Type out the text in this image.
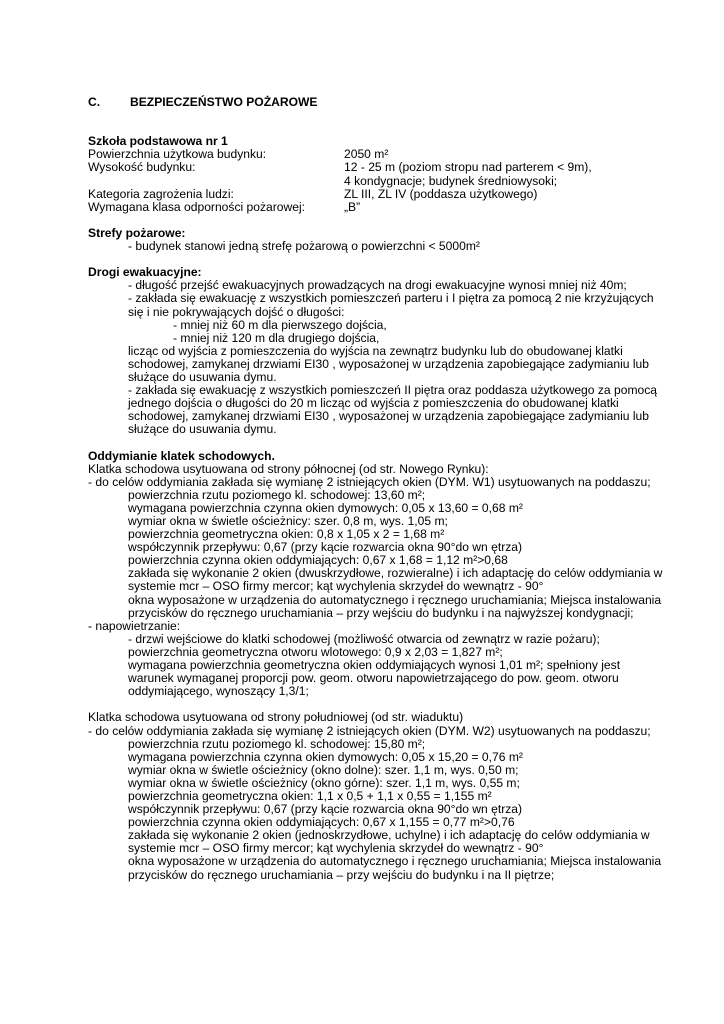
C.	BEZPIECZEŃSTWO POŻAROWE
Szkoła podstawowa nr 1
Powierzchnia użytkowa budynku:	2050 m²
Wysokość budynku:	12 - 25 m (poziom stropu nad parterem < 9m),
4 kondygnacje; budynek średniowysoki;
Kategoria zagrożenia ludzi:	ZL III, ZL IV (poddasza użytkowego)
Wymagana klasa odporności pożarowej:	„B”
Strefy pożarowe:
- budynek stanowi jedną strefę pożarową o powierzchni < 5000m²
Drogi ewakuacyjne:
- długość przejść ewakuacyjnych prowadzących na drogi ewakuacyjne wynosi mniej niż 40m;
- zakłada się ewakuację z wszystkich pomieszczeń parteru i I piętra za pomocą 2 nie krzyżujących
się i nie pokrywających dojść o długości:
- mniej niż 60 m dla pierwszego dojścia,
- mniej niż 120 m dla drugiego dojścia,
licząc od wyjścia z pomieszczenia do wyjścia na zewnątrz budynku lub do obudowanej klatki
schodowej, zamykanej drzwiami EI30 , wyposażonej w urządzenia zapobiegające zadymianiu lub
służące do usuwania dymu.
- zakłada się ewakuację z wszystkich pomieszczeń II piętra oraz poddasza użytkowego za pomocą
jednego dojścia o długości do 20 m licząc od wyjścia z pomieszczenia do obudowanej klatki
schodowej, zamykanej drzwiami EI30 , wyposażonej w urządzenia zapobiegające zadymianiu lub
służące do usuwania dymu.
Oddymianie klatek schodowych.
Klatka schodowa usytuowana od strony północnej (od str. Nowego Rynku):
- do celów oddymiania zakłada się wymianę 2 istniejących okien (DYM. W1) usytuowanych na poddaszu;
powierzchnia rzutu poziomego kl. schodowej: 13,60 m²;
wymagana powierzchnia czynna okien dymowych: 0,05 x 13,60 = 0,68 m²
wymiar okna w świetle ościeżnicy: szer. 0,8 m, wys. 1,05 m;
powierzchnia geometryczna okien: 0,8 x 1,05 x 2 = 1,68 m²
współczynnik przepływu: 0,67 (przy kącie rozwarcia okna 90°do wn ętrza)
powierzchnia czynna okien oddymiających: 0,67 x 1,68 = 1,12 m²>0,68
zakłada się wykonanie 2 okien (dwuskrzydłowe, rozwieralne) i ich adaptację do celów oddymiania w
systemie mcr – OSO firmy mercor; kąt wychylenia skrzydeł do wewnątrz - 90°
okna wyposażone w urządzenia do automatycznego i ręcznego uruchamiania; Miejsca instalowania
przycisków do ręcznego uruchamiania – przy wejściu do budynku i na najwyższej kondygnacji;
- napowietrzanie:
- drzwi wejściowe do klatki schodowej (możliwość otwarcia od zewnątrz w razie pożaru);
powierzchnia geometryczna otworu wlotowego: 0,9 x 2,03 = 1,827 m²;
wymagana powierzchnia geometryczna okien oddymiających wynosi 1,01 m²; spełniony jest
warunek wymaganej proporcji pow. geom. otworu napowietrzającego do pow. geom. otworu
oddymiającego, wynoszący 1,3/1;
Klatka schodowa usytuowana od strony południowej (od str. wiaduktu)
- do celów oddymiania zakłada się wymianę 2 istniejących okien (DYM. W2) usytuowanych na poddaszu;
powierzchnia rzutu poziomego kl. schodowej: 15,80 m²;
wymagana powierzchnia czynna okien dymowych: 0,05 x 15,20 = 0,76 m²
wymiar okna w świetle ościeżnicy (okno dolne): szer. 1,1 m, wys. 0,50 m;
wymiar okna w świetle ościeżnicy (okno górne): szer. 1,1 m, wys. 0,55 m;
powierzchnia geometryczna okien: 1,1 x 0,5 + 1,1 x 0,55 = 1,155 m²
współczynnik przepływu: 0,67 (przy kącie rozwarcia okna 90°do wn ętrza)
powierzchnia czynna okien oddymiających: 0,67 x 1,155 = 0,77 m²>0,76
zakłada się wykonanie 2 okien (jednoskrzydłowe, uchylne) i ich adaptację do celów oddymiania w
systemie mcr – OSO firmy mercor; kąt wychylenia skrzydeł do wewnątrz - 90°
okna wyposażone w urządzenia do automatycznego i ręcznego uruchamiania; Miejsca instalowania
przycisków do ręcznego uruchamiania – przy wejściu do budynku i na II piętrze;
